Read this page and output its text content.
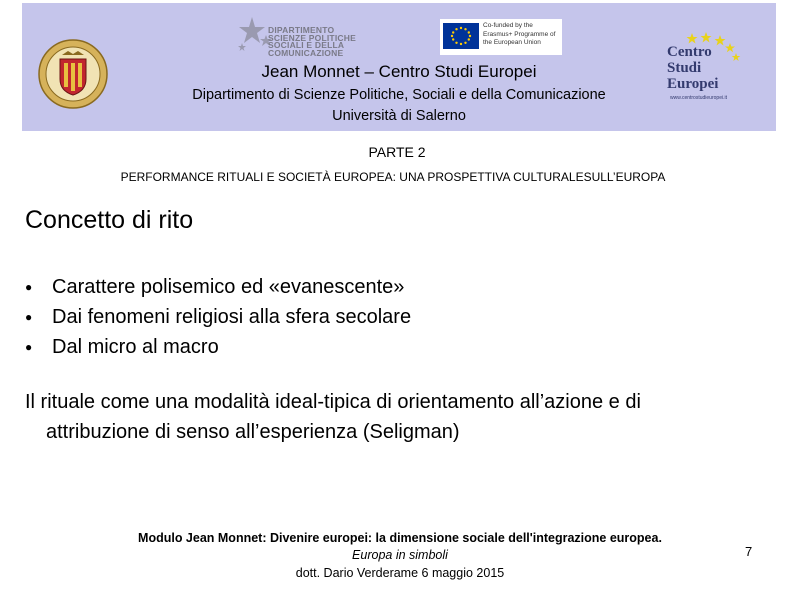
DIPARTIMENTO
SCIENZE POLITICHE
SOCIALI E DELLA COMUNICAZIONE
Co-funded by the Erasmus+ Programme of the European Union
Centro
Studi
Europei
www.centrostudieuropei.it
Jean Monnet – Centro Studi Europei
Dipartimento di Scienze Politiche, Sociali e della Comunicazione
Università di Salerno
PARTE 2
PERFORMANCE RITUALI E SOCIETÀ EUROPEA: UNA PROSPETTIVA CULTURALESULL’EUROPA
Concetto di rito
● Carattere polisemico ed «evanescente»
● Dai fenomeni religiosi alla sfera secolare
● Dal micro al macro
Il rituale come una modalità ideal-tipica di orientamento all’azione e di
attribuzione di senso all’esperienza (Seligman)
Modulo Jean Monnet: Divenire europei: la dimensione sociale dell'integrazione europea.
Europa in simboli
dott. Dario Verderame 6 maggio 2015
7
